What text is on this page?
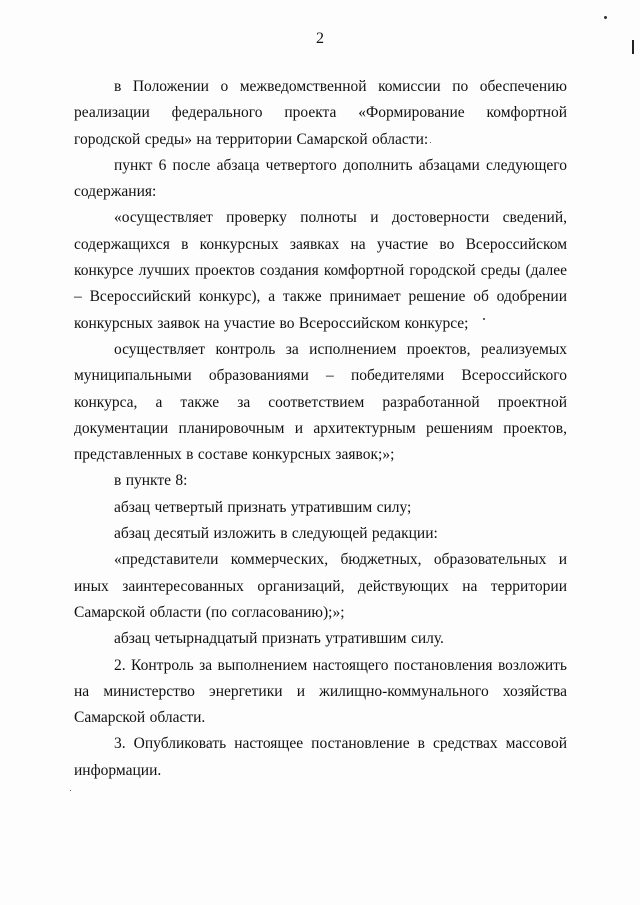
2

в Положении о межведомственной комиссии по обеспечению реализации федерального проекта «Формирование комфортной городской среды» на территории Самарской области:

пункт 6 после абзаца четвертого дополнить абзацами следующего содержания:

«осуществляет проверку полноты и достоверности сведений, содержащихся в конкурсных заявках на участие во Всероссийском конкурсе лучших проектов создания комфортной городской среды (далее – Всероссийский конкурс), а также принимает решение об одобрении конкурсных заявок на участие во Всероссийском конкурсе;

осуществляет контроль за исполнением проектов, реализуемых муниципальными образованиями – победителями Всероссийского конкурса, а также за соответствием разработанной проектной документации планировочным и архитектурным решениям проектов, представленных в составе конкурсных заявок;»;

в пункте 8:

абзац четвертый признать утратившим силу;

абзац десятый изложить в следующей редакции:

«представители коммерческих, бюджетных, образовательных и иных заинтересованных организаций, действующих на территории Самарской области (по согласованию);»;

абзац четырнадцатый признать утратившим силу.

2. Контроль за выполнением настоящего постановления возложить на министерство энергетики и жилищно-коммунального хозяйства Самарской области.

3. Опубликовать настоящее постановление в средствах массовой информации.
